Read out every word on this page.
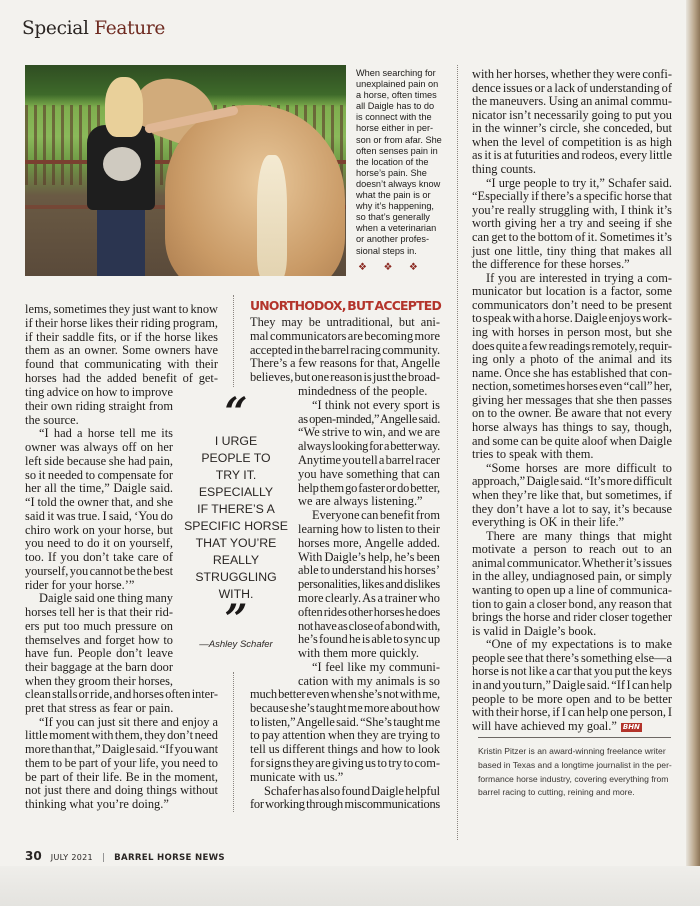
Special Feature
When searching for
unexplained pain on
a horse, often times
all Daigle has to do
is connect with the
horse either in per-
son or from afar. She
often senses pain in
the location of the
horse’s pain. She
doesn’t always know
what the pain is or
why it’s happening,
so that’s generally
when a veterinarian
or another profes-
sional steps in.
❖ ❖ ❖
lems, sometimes they just want to know
if their horse likes their riding program,
if their saddle fits, or if the horse likes
them as an owner. Some owners have
found that communicating with their
horses had the added benefit of get-
ting advice on how to improve
their own riding straight from
the source.
“I had a horse tell me its
owner was always off on her
left side because she had pain,
so it needed to compensate for
her all the time,” Daigle said.
“I told the owner that, and she
said it was true. I said, ‘You do
chiro work on your horse, but
you need to do it on yourself,
too. If you don’t take care of
yourself, you cannot be the best
rider for your horse.’”
Daigle said one thing many
horses tell her is that their rid-
ers put too much pressure on
themselves and forget how to
have fun. People don’t leave
their baggage at the barn door
when they groom their horses,
clean stalls or ride, and horses often inter-
pret that stress as fear or pain.
“If you can just sit there and enjoy a
little moment with them, they don’t need
more than that,” Daigle said. “If you want
them to be part of your life, you need to
be part of their life. Be in the moment,
not just there and doing things without
thinking what you’re doing.”
UNORTHODOX, BUT ACCEPTED
They may be untraditional, but ani-
mal communicators are becoming more
accepted in the barrel racing community.
There’s a few reasons for that, Angelle
believes, but one reason is just the broad-
mindedness of the people.
“I think not every sport is
as open-minded,” Angelle said.
“We strive to win, and we are
always looking for a better way.
Anytime you tell a barrel racer
you have something that can
help them go faster or do better,
we are always listening.”
Everyone can benefit from
learning how to listen to their
horses more, Angelle added.
With Daigle’s help, he’s been
able to understand his horses’
personalities, likes and dislikes
more clearly. As a trainer who
often rides other horses he does
not have as close of a bond with,
he’s found he is able to sync up
with them more quickly.
“I feel like my communi-
cation with my animals is so
much better even when she’s not with me,
because she’s taught me more about how
to listen,” Angelle said. “She’s taught me
to pay attention when they are trying to
tell us different things and how to look
for signs they are giving us to try to com-
municate with us.”
Schafer has also found Daigle helpful
for working through miscommunications
“
I URGE
PEOPLE TO
TRY IT.
ESPECIALLY
IF THERE’S A
SPECIFIC HORSE
THAT YOU’RE
REALLY
STRUGGLING
WITH.
”
—Ashley Schafer
with her horses, whether they were confi-
dence issues or a lack of understanding of
the maneuvers. Using an animal commu-
nicator isn’t necessarily going to put you
in the winner’s circle, she conceded, but
when the level of competition is as high
as it is at futurities and rodeos, every little
thing counts.
“I urge people to try it,” Schafer said.
“Especially if there’s a specific horse that
you’re really struggling with, I think it’s
worth giving her a try and seeing if she
can get to the bottom of it. Sometimes it’s
just one little, tiny thing that makes all
the difference for these horses.”
If you are interested in trying a com-
municator but location is a factor, some
communicators don’t need to be present
to speak with a horse. Daigle enjoys work-
ing with horses in person most, but she
does quite a few readings remotely, requir-
ing only a photo of the animal and its
name. Once she has established that con-
nection, sometimes horses even “call” her,
giving her messages that she then passes
on to the owner. Be aware that not every
horse always has things to say, though,
and some can be quite aloof when Daigle
tries to speak with them.
“Some horses are more difficult to
approach,” Daigle said. “It’s more difficult
when they’re like that, but sometimes, if
they don’t have a lot to say, it’s because
everything is OK in their life.”
There are many things that might
motivate a person to reach out to an
animal communicator. Whether it’s issues
in the alley, undiagnosed pain, or simply
wanting to open up a line of communica-
tion to gain a closer bond, any reason that
brings the horse and rider closer together
is valid in Daigle’s book.
“One of my expectations is to make
people see that there’s something else—a
horse is not like a car that you put the keys
in and you turn,” Daigle said. “If I can help
people to be more open and to be better
with their horse, if I can help one person, I
will have achieved my goal.” BHN
Kristin Pitzer is an award-winning freelance writer
based in Texas and a longtime journalist in the per-
formance horse industry, covering everything from
barrel racing to cutting, reining and more.
30 JULY 2021 | BARREL HORSE NEWS
